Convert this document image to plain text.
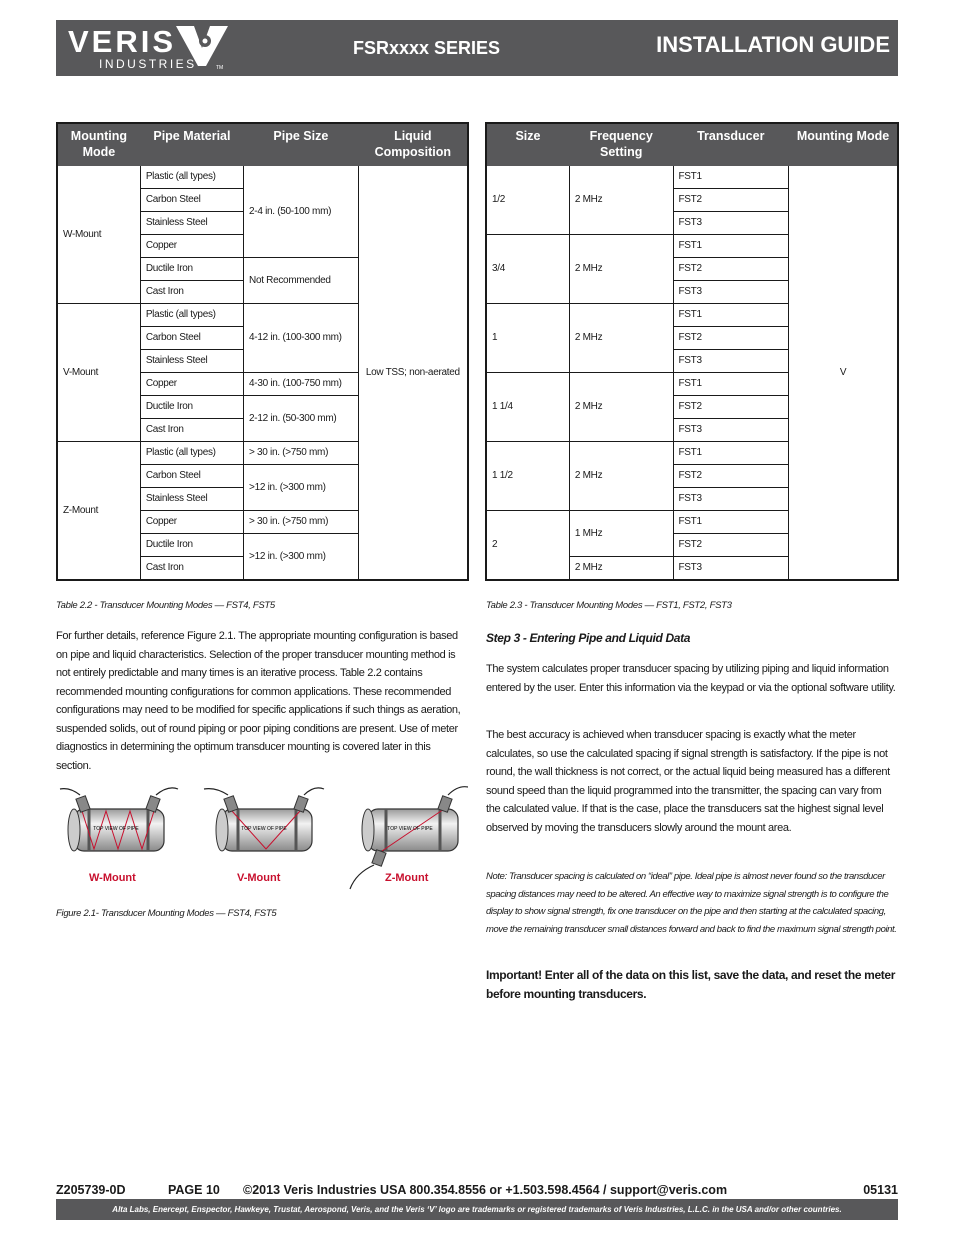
VERIS
INDUSTRIES	TM
FSRxxxx SERIES	INSTALLATION GUIDE
Mounting Mode	Pipe Material	Pipe Size	Liquid Composition
W-Mount	Plastic (all types)	2-4 in. (50-100 mm)	Low TSS; non-aerated
	Carbon Steel		
	Stainless Steel		
	Copper		
	Ductile Iron	Not Recommended	
	Cast Iron		
V-Mount	Plastic (all types)	4-12 in. (100-300 mm)	
	Carbon Steel		
	Stainless Steel		
	Copper	4-30 in. (100-750 mm)	
	Ductile Iron	2-12 in. (50-300 mm)	
	Cast Iron		
Z-Mount	Plastic (all types)	> 30 in. (>750 mm)	
	Carbon Steel	>12 in. (>300 mm)	
	Stainless Steel		
	Copper	> 30 in. (>750 mm)	
	Ductile Iron	>12 in. (>300 mm)	
	Cast Iron		
Table 2.2 - Transducer Mounting Modes — FST4, FST5
Size	Frequency Setting	Transducer	Mounting Mode
1/2	2 MHz	FST1	V
		FST2	
		FST3	
3/4	2 MHz	FST1	
		FST2	
		FST3	
1	2 MHz	FST1	
		FST2	
		FST3	
1 1/4	2 MHz	FST1	
		FST2	
		FST3	
1 1/2	2 MHz	FST1	
		FST2	
		FST3	
2	1 MHz	FST1	
		FST2	
	2 MHz	FST3	
Table 2.3 - Transducer Mounting Modes — FST1, FST2, FST3
For further details, reference Figure 2.1. The appropriate mounting configuration is based on pipe and liquid characteristics. Selection of the proper transducer mounting method is not entirely predictable and many times is an iterative process. Table 2.2 contains recommended mounting configurations for common applications. These recommended configurations may need to be modified for specific applications if such things as aeration, suspended solids, out of round piping or poor piping conditions are present. Use of meter diagnostics in determining the optimum transducer mounting is covered later in this section.
TOP VIEW OF PIPE	TOP VIEW OF PIPE	TOP VIEW OF PIPE
W-Mount	V-Mount	Z-Mount
Figure 2.1- Transducer Mounting Modes — FST4, FST5
Step 3 - Entering Pipe and Liquid Data
The system calculates proper transducer spacing by utilizing piping and liquid information entered by the user. Enter this information via the keypad or via the optional software utility.
The best accuracy is achieved when transducer spacing is exactly what the meter calculates, so use the calculated spacing if signal strength is satisfactory. If the pipe is not round, the wall thickness is not correct, or the actual liquid being measured has a different sound speed than the liquid programmed into the transmitter, the spacing can vary from the calculated value. If that is the case, place the transducers sat the highest signal level observed by moving the transducers slowly around the mount area.
Note: Transducer spacing is calculated on “ideal” pipe. Ideal pipe is almost never found so the transducer spacing distances may need to be altered. An effective way to maximize signal strength is to configure the display to show signal strength, fix one transducer on the pipe and then starting at the calculated spacing, move the remaining transducer small distances forward and back to find the maximum signal strength point.
Important! Enter all of the data on this list, save the data, and reset the meter before mounting transducers.
Z205739-0D	PAGE 10 ©2013 Veris Industries USA 800.354.8556 or +1.503.598.4564 / support@veris.com	05131
Alta Labs, Enercept, Enspector, Hawkeye, Trustat, Aerospond, Veris, and the Veris ‘V’ logo are trademarks or registered trademarks of Veris Industries, L.L.C. in the USA and/or other countries.
